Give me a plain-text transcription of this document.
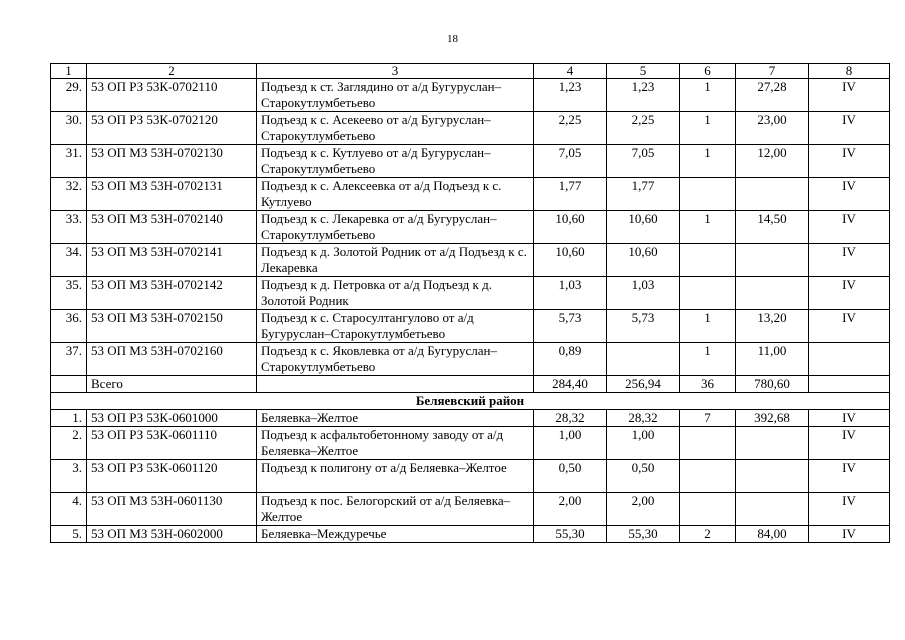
18
1	2	3	4	5	6	7	8
29.	53 ОП РЗ 53К-0702110	Подъезд к ст. Заглядино от а/д Бугуруслан–Старокутлумбетьево	1,23	1,23	1	27,28	IV
30.	53 ОП РЗ 53К-0702120	Подъезд к с. Асекеево от а/д Бугуруслан–Старокутлумбетьево	2,25	2,25	1	23,00	IV
31.	53 ОП МЗ 53Н-0702130	Подъезд к с. Кутлуево от а/д Бугуруслан–Старокутлумбетьево	7,05	7,05	1	12,00	IV
32.	53 ОП МЗ 53Н-0702131	Подъезд к с. Алексеевка от а/д Подъезд к с. Кутлуево	1,77	1,77			IV
33.	53 ОП МЗ 53Н-0702140	Подъезд к с. Лекаревка от а/д Бугуруслан–Старокутлумбетьево	10,60	10,60	1	14,50	IV
34.	53 ОП МЗ 53Н-0702141	Подъезд к д. Золотой Родник от а/д Подъезд к с. Лекаревка	10,60	10,60			IV
35.	53 ОП МЗ 53Н-0702142	Подъезд к д. Петровка от а/д Подъезд к д. Золотой Родник	1,03	1,03			IV
36.	53 ОП МЗ 53Н-0702150	Подъезд к с. Старосултангулово от а/д Бугуруслан–Старокутлумбетьево	5,73	5,73	1	13,20	IV
37.	53 ОП МЗ 53Н-0702160	Подъезд к с. Яковлевка от а/д Бугуруслан–Старокутлумбетьево	0,89		1	11,00	
	Всего		284,40	256,94	36	780,60	
Беляевский район							
1.	53 ОП РЗ 53К-0601000	Беляевка–Желтое	28,32	28,32	7	392,68	IV
2.	53 ОП РЗ 53К-0601110	Подъезд к асфальтобетонному заводу от а/д Беляевка–Желтое	1,00	1,00			IV
3.	53 ОП РЗ 53К-0601120	Подъезд к полигону от а/д Беляевка–Желтое	0,50	0,50			IV
4.	53 ОП МЗ 53Н-0601130	Подъезд к пос. Белогорский от а/д Беляевка–Желтое	2,00	2,00			IV
5.	53 ОП МЗ 53Н-0602000	Беляевка–Междуречье	55,30	55,30	2	84,00	IV
